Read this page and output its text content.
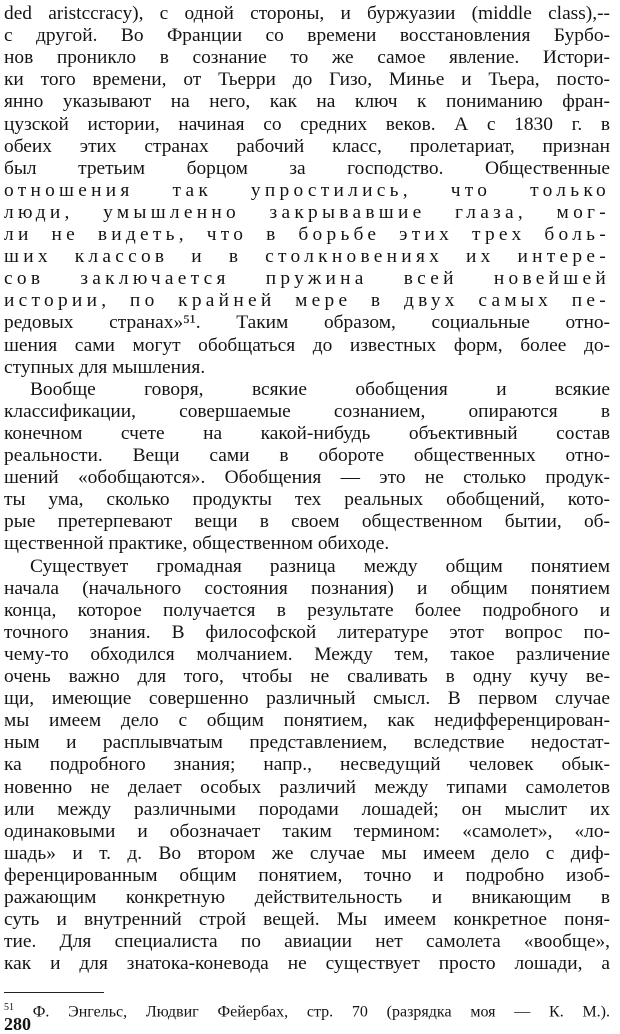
ded aristccracy), с одной стороны, и буржуазии (middle class),--
с другой. Во Франции со времени восстановления Бурбо-
нов проникло в сознание то же самое явление. Истори-
ки того времени, от Тьерри до Гизо, Минье и Тьера, посто-
янно указывают на него, как на ключ к пониманию фран-
цузской истории, начиная со средних веков. А с 1830 г. в
обеих этих странах рабочий класс, пролетариат, признан
был третьим борцом за господство. Общественные
отношения так упростились, что только
люди, умышленно закрывавшие глаза, мог-
ли не видеть, что в борьбе этих трех боль-
ших классов и в столкновениях их интере-
сов заключается пружина всей новейшей
истории, по крайней мере в двух самых пе-
редовых странах»⁵¹. Таким образом, социальные отно-
шения сами могут обобщаться до известных форм, более до-
ступных для мышления.
Вообще говоря, всякие обобщения и всякие
классификации, совершаемые сознанием, опираются в
конечном счете на какой-нибудь объективный состав
реальности. Вещи сами в обороте общественных отно-
шений «обобщаются». Обобщения — это не столько продук-
ты ума, сколько продукты тех реальных обобщений, кото-
рые претерпевают вещи в своем общественном бытии, об-
щественной практике, общественном обиходе.
Существует громадная разница между общим понятием
начала (начального состояния познания) и общим понятием
конца, которое получается в результате более подробного и
точного знания. В философской литературе этот вопрос по-
чему-то обходился молчанием. Между тем, такое различение
очень важно для того, чтобы не сваливать в одну кучу ве-
щи, имеющие совершенно различный смысл. В первом случае
мы имеем дело с общим понятием, как недифференцирован-
ным и расплывчатым представлением, вследствие недостат-
ка подробного знания; напр., несведущий человек обык-
новенно не делает особых различий между типами самолетов
или между различными породами лошадей; он мыслит их
одинаковыми и обозначает таким термином: «самолет», «ло-
шадь» и т. д. Во втором же случае мы имеем дело с диф-
ференцированным общим понятием, точно и подробно изоб-
ражающим конкретную действительность и вникающим в
суть и внутренний строй вещей. Мы имеем конкретное поня-
тие. Для специалиста по авиации нет самолета «вообще»,
как и для знатока-коневода не существует просто лошади, а
$^{51}$ Ф. Энгельс, Людвиг Фейербах, стр. 70 (разрядка моя — К. М.).
280
